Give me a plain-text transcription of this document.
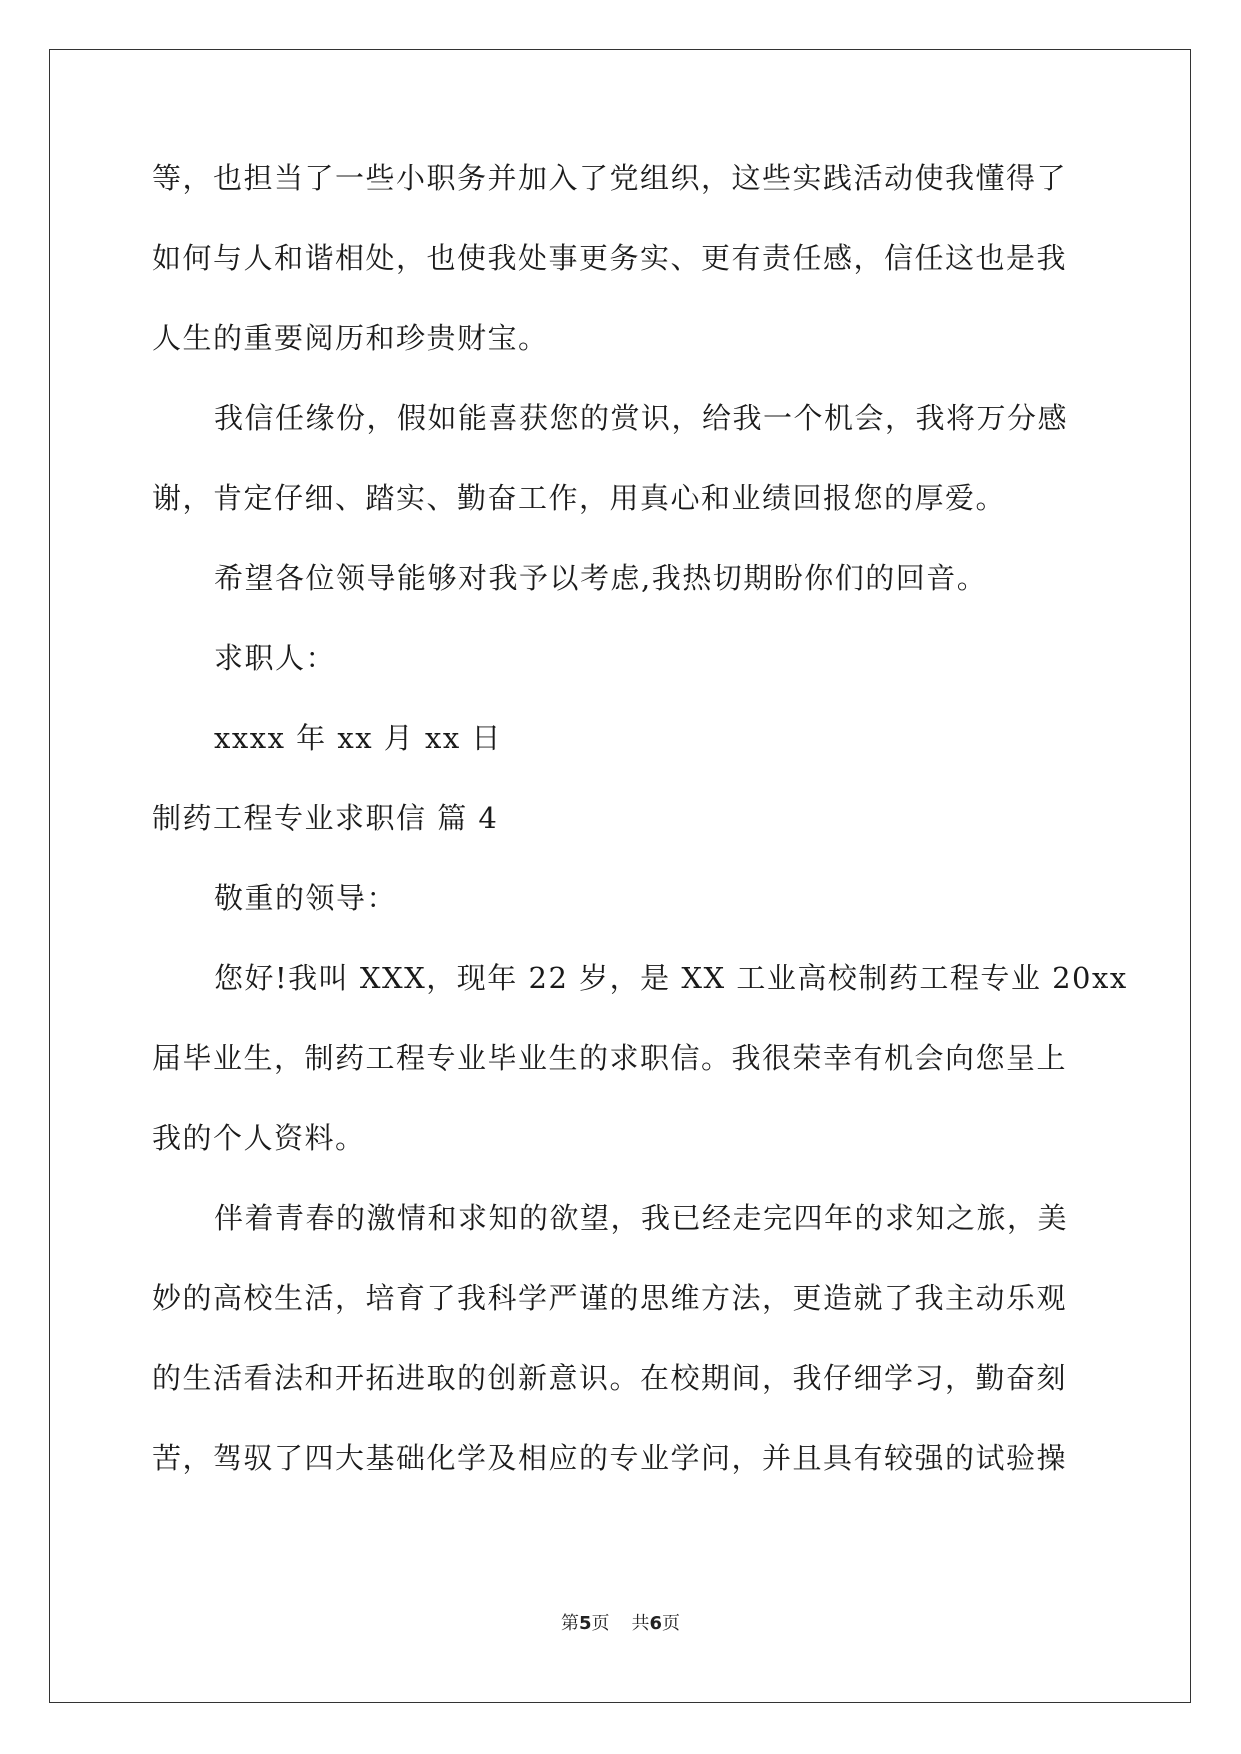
等，也担当了一些小职务并加入了党组织，这些实践活动使我懂得了
如何与人和谐相处，也使我处事更务实、更有责任感，信任这也是我
人生的重要阅历和珍贵财宝。
我信任缘份，假如能喜获您的赏识，给我一个机会，我将万分感
谢，肯定仔细、踏实、勤奋工作，用真心和业绩回报您的厚爱。
希望各位领导能够对我予以考虑,我热切期盼你们的回音。
求职人：
xxxx 年 xx 月 xx 日
制药工程专业求职信 篇 4
敬重的领导：
您好!我叫 XXX，现年 22 岁，是 XX 工业高校制药工程专业 20xx
届毕业生，制药工程专业毕业生的求职信。我很荣幸有机会向您呈上
我的个人资料。
伴着青春的激情和求知的欲望，我已经走完四年的求知之旅，美
妙的高校生活，培育了我科学严谨的思维方法，更造就了我主动乐观
的生活看法和开拓进取的创新意识。在校期间，我仔细学习，勤奋刻
苦，驾驭了四大基础化学及相应的专业学问，并且具有较强的试验操
第5页 共6页
